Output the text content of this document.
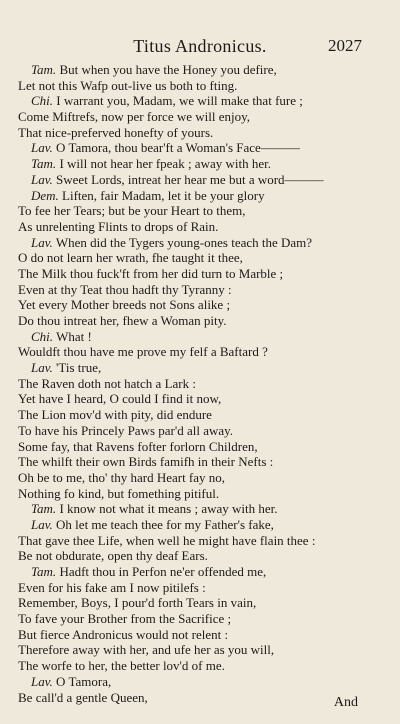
Titus Andronicus.	2027
Tam. But when you have the Honey you defire,
Let not this Wafp out-live us both to fting.
Chi. I warrant you, Madam, we will make that fure ;
Come Miftrefs, now per force we will enjoy,
That nice-preferved honefty of yours.
Lav. O Tamora, thou bear'ft a Woman's Face———
Tam. I will not hear her fpeak ; away with her.
Lav. Sweet Lords, intreat her hear me but a word———
Dem. Liften, fair Madam, let it be your glory
To fee her Tears; but be your Heart to them,
As unrelenting Flints to drops of Rain.
Lav. When did the Tygers young-ones teach the Dam?
O do not learn her wrath, fhe taught it thee,
The Milk thou fuck'ft from her did turn to Marble ;
Even at thy Teat thou hadft thy Tyranny :
Yet every Mother breeds not Sons alike ;
Do thou intreat her, fhew a Woman pity.
Chi. What !
Wouldft thou have me prove my felf a Baftard ?
Lav. 'Tis true,
The Raven doth not hatch a Lark :
Yet have I heard, O could I find it now,
The Lion mov'd with pity, did endure
To have his Princely Paws par'd all away.
Some fay, that Ravens fofter forlorn Children,
The whilft their own Birds famifh in their Nefts :
Oh be to me, tho' thy hard Heart fay no,
Nothing fo kind, but fomething pitiful.
Tam. I know not what it means ; away with her.
Lav. Oh let me teach thee for my Father's fake,
That gave thee Life, when well he might have flain thee :
Be not obdurate, open thy deaf Ears.
Tam. Hadft thou in Perfon ne'er offended me,
Even for his fake am I now pitilefs :
Remember, Boys, I pour'd forth Tears in vain,
To fave your Brother from the Sacrifice ;
But fierce Andronicus would not relent :
Therefore away with her, and ufe her as you will,
The worfe to her, the better lov'd of me.
Lav. O Tamora,
Be call'd a gentle Queen,	And
